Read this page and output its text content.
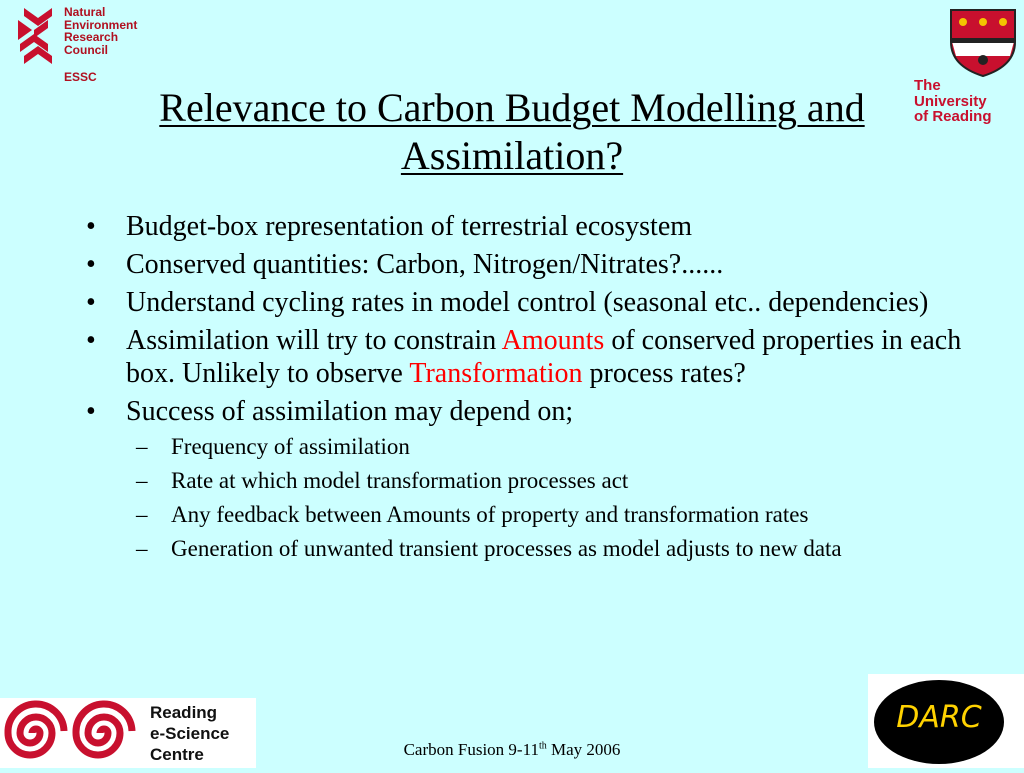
Natural
Environment
Research
Council
ESSC	The
University
of Reading
Relevance to Carbon Budget Modelling and
Assimilation?
• Budget-box representation of terrestrial ecosystem
• Conserved quantities: Carbon, Nitrogen/Nitrates?......
• Understand cycling rates in model control (seasonal etc.. dependencies)
• Assimilation will try to constrain Amounts of conserved properties in each box. Unlikely to observe Transformation process rates?
• Success of assimilation may depend on;
– Frequency of assimilation
– Rate at which model transformation processes act
– Any feedback between Amounts of property and transformation rates
– Generation of unwanted transient processes as model adjusts to new data
Reading
e-Science
Centre	Carbon Fusion 9-11th May 2006
DARC
